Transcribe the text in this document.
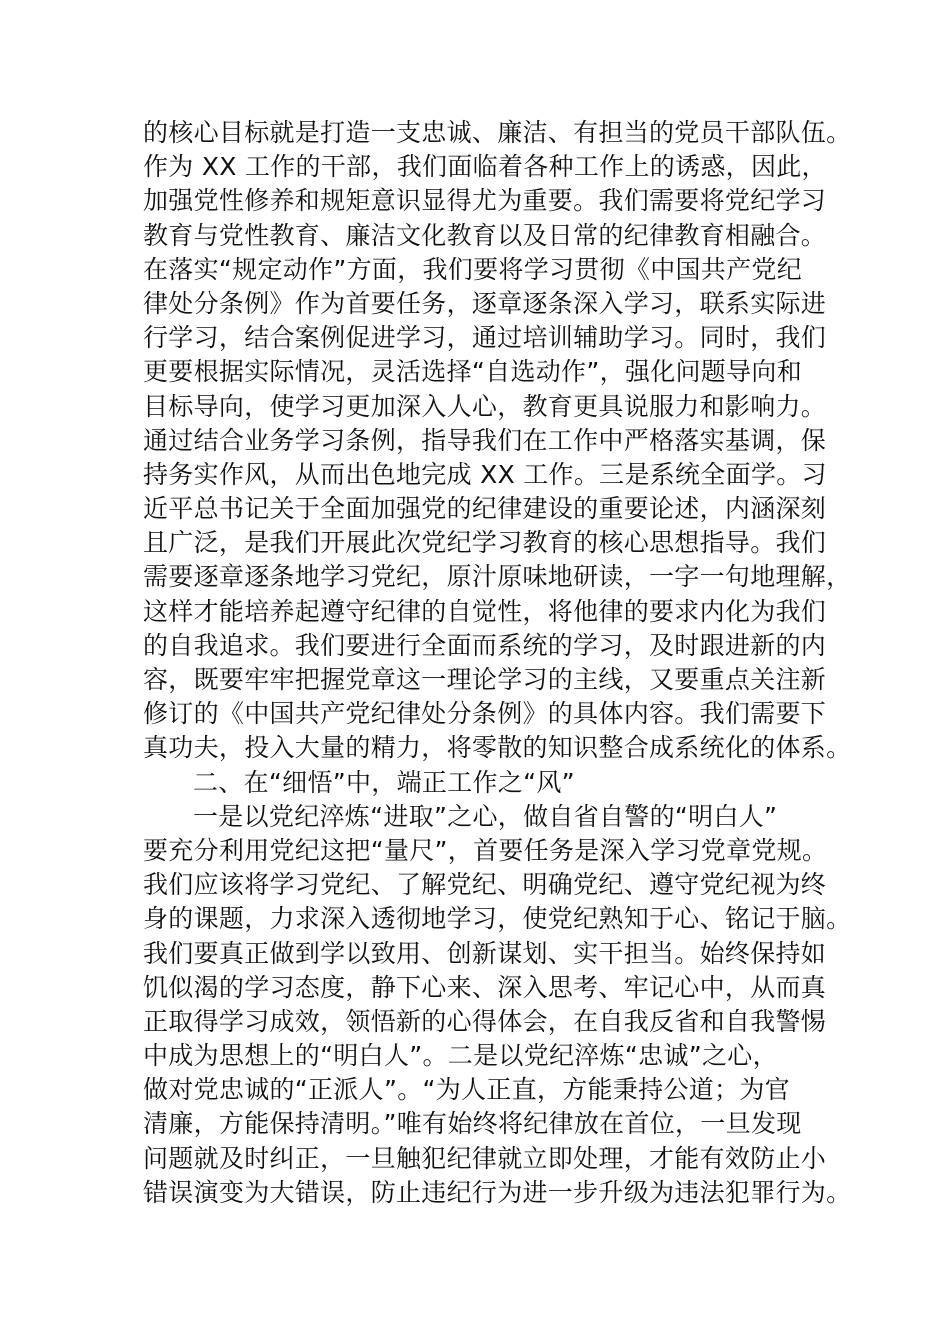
的核心目标就是打造一支忠诚、廉洁、有担当的党员干部队伍。
作为 XX 工作的干部，我们面临着各种工作上的诱惑，因此，
加强党性修养和规矩意识显得尤为重要。我们需要将党纪学习
教育与党性教育、廉洁文化教育以及日常的纪律教育相融合。
在落实“规定动作”方面，我们要将学习贯彻《中国共产党纪
律处分条例》作为首要任务，逐章逐条深入学习，联系实际进
行学习，结合案例促进学习，通过培训辅助学习。同时，我们
更要根据实际情况，灵活选择“自选动作”，强化问题导向和
目标导向，使学习更加深入人心，教育更具说服力和影响力。
通过结合业务学习条例，指导我们在工作中严格落实基调，保
持务实作风，从而出色地完成 XX 工作。三是系统全面学。习
近平总书记关于全面加强党的纪律建设的重要论述，内涵深刻
且广泛，是我们开展此次党纪学习教育的核心思想指导。我们
需要逐章逐条地学习党纪，原汁原味地研读，一字一句地理解，
这样才能培养起遵守纪律的自觉性，将他律的要求内化为我们
的自我追求。我们要进行全面而系统的学习，及时跟进新的内
容，既要牢牢把握党章这一理论学习的主线，又要重点关注新
修订的《中国共产党纪律处分条例》的具体内容。我们需要下
真功夫，投入大量的精力，将零散的知识整合成系统化的体系。
二、在“细悟”中，端正工作之“风”
一是以党纪淬炼“进取”之心，做自省自警的“明白人”
要充分利用党纪这把“量尺”，首要任务是深入学习党章党规。
我们应该将学习党纪、了解党纪、明确党纪、遵守党纪视为终
身的课题，力求深入透彻地学习，使党纪熟知于心、铭记于脑。
我们要真正做到学以致用、创新谋划、实干担当。始终保持如
饥似渴的学习态度，静下心来、深入思考、牢记心中，从而真
正取得学习成效，领悟新的心得体会，在自我反省和自我警惕
中成为思想上的“明白人”。二是以党纪淬炼“忠诚”之心，
做对党忠诚的“正派人”。“为人正直，方能秉持公道；为官
清廉，方能保持清明。”唯有始终将纪律放在首位，一旦发现
问题就及时纠正，一旦触犯纪律就立即处理，才能有效防止小
错误演变为大错误，防止违纪行为进一步升级为违法犯罪行为。
